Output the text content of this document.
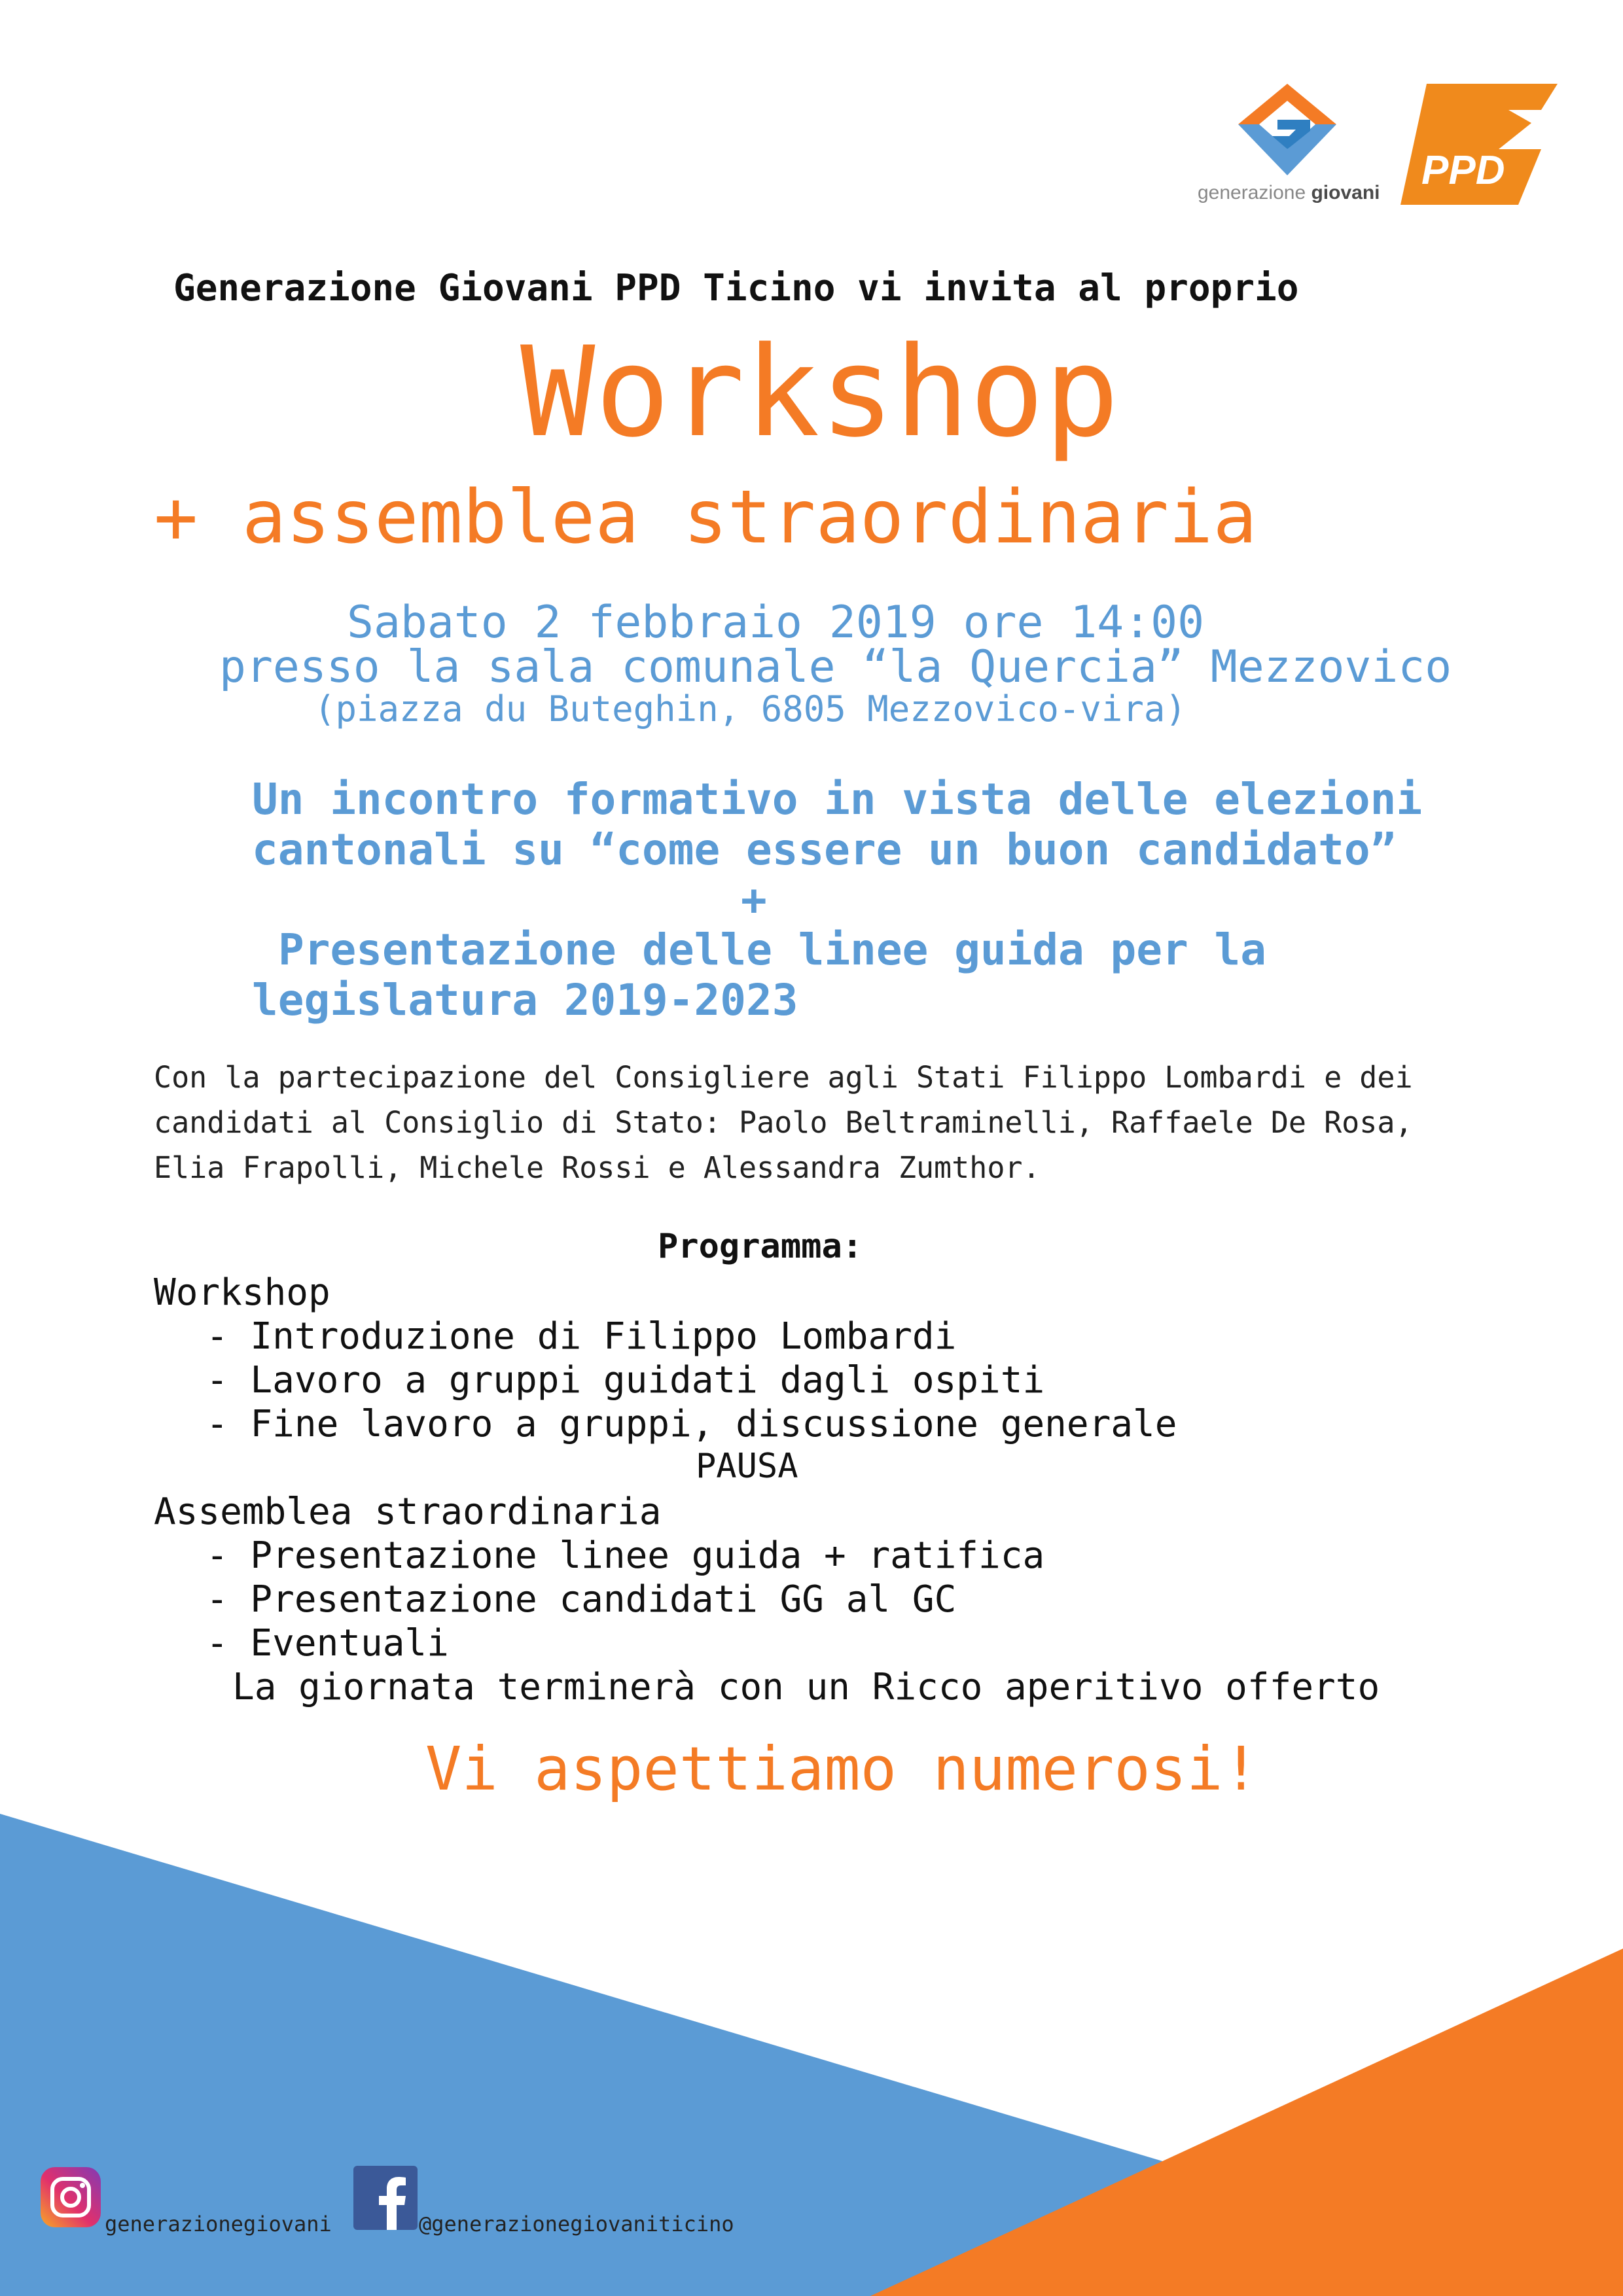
generazione giovani PPD
Generazione Giovani PPD Ticino vi invita al proprio
Workshop
+ assemblea straordinaria
Sabato 2 febbraio 2019 ore 14:00
presso la sala comunale “la Quercia” Mezzovico
(piazza du Buteghin, 6805 Mezzovico-vira)
Un incontro formativo in vista delle elezioni
cantonali su “come essere un buon candidato”
+
Presentazione delle linee guida per la
legislatura 2019-2023
Con la partecipazione del Consigliere agli Stati Filippo Lombardi e dei candidati al Consiglio di Stato: Paolo Beltraminelli, Raffaele De Rosa, Elia Frapolli, Michele Rossi e Alessandra Zumthor.
Programma:
Workshop
- Introduzione di Filippo Lombardi
- Lavoro a gruppi guidati dagli ospiti
- Fine lavoro a gruppi, discussione generale
PAUSA
Assemblea straordinaria
- Presentazione linee guida + ratifica
- Presentazione candidati GG al GC
- Eventuali
La giornata terminerà con un Ricco aperitivo offerto
Vi aspettiamo numerosi!
generazionegiovani	@generazionegiovaniticino
